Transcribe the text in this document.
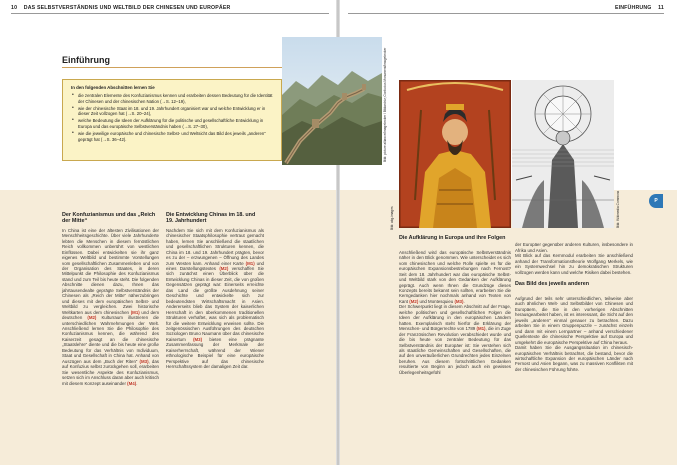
10 DAS SELBSTVERSTÄNDNIS UND WELTBILD DER CHINESEN UND EUROPÄER	EINFÜHRUNG 11
Einführung
In den folgenden Abschnitten lernen Sie
• die zentralen Elemente des Konfuzianismus kennen und erarbeiten dessen Bedeutung für die Identität der Chinesen und der chinesischen Nation (→S. 12–19),
• wie der chinesische Staat im 18. und 19. Jahrhundert organisiert war und welche Entwicklung er in dieser Zeit vollzogen hat (→S. 20–24),
• welche Bedeutung die Ideen der Aufklärung für die politische und gesellschaftliche Entwicklung in Europa und das europäische Selbstverständnis haben (→S. 27–30),
• wie die jeweilige europäische und chinesische Selbst- und Weltsicht das Bild des jeweils „anderen“ geprägt hat (→S. 36–42).	Bild: picture alliance/Imagebroker / Bildarchiv; Confucius Monument/Imagebroker
Bild: akg-images	Bild: Wikimedia Commons	P
Der Konfuzianismus und das „Reich der Mitte“
In China ist eine der ältesten Zivilisationen der Menschheitsgeschichte. Über viele Jahrhunderte lebten die Menschen in diesem fernöstlichen Reich vollkommen unberührt von westlichen Einflüssen. Dabei entwickelten sie ihr ganz eigenes Weltbild und bestimmte Vorstellungen vom gesellschaftlichen Zusammenleben und von der Organisation des Staates, in deren Mittelpunkt die Philosophie des Konfuzianismus stand und zum Teil bis heute steht. Die folgenden Abschnitte dienen dazu, Ihnen das jahrtausendealte geprägte Selbstverständnis der Chinesen als „Reich der Mitte“ näherzubringen und dieses mit dem europäischen Selbst- und Weltbild zu vergleichen. Zwei historische Weltkarten aus dem chinesischen (M1) und dem deutschen (M2) Kulturraum illustrieren die unterschiedlichen Wahrnehmungen der Welt. Anschließend lernen Sie die Philosophie des Konfuzianismus kennen, die während des Kaiserzeit gesagt an die chinesische „Staatslehre“ diente und die bis heute eine große Bedeutung für das Verhältnis von Individuum, Staat und Gesellschaft in China hat. Anhand von Auszügen aus dem „Buch der Riten“ (M3), das auf Konfuzius selbst zurückgehen soll, erarbeiten Sie wesentliche Aspekte des Konfuzianismus, setzen sich im Anschluss daran aber auch kritisch mit diesem Konzept auseinander (M4).
Die Entwicklung Chinas im 18. und 19. Jahrhundert
Nachdem Sie sich mit dem Konfuzianismus als chinesischer Staatsphilosophie vertraut gemacht haben, lernen Sie anschließend die staatlichen und gesellschaftlichen Strukturen kennen, die China im 18. und 19. Jahrhundert prägten, bevor es zu der – erzwungenen – Öffnung des Landes zum Westen kam. Anhand einer Karte (M1) und eines Darstellungstextes (M2) verschaffen Sie sich zunächst einen Überblick über die Entwicklung Chinas in dieser Zeit, die von großen Gegensätzen geprägt war: Einerseits erreichte das Land die größte Ausdehnung seiner Geschichte und entwickelte sich zur bedeutendsten Wirtschaftsmacht in Asien. Andererseits blieb das System der kaiserlichen Herrschaft in den überkommenen traditionellen Strukturen verhaftet, was sich als problematisch für die weitere Entwicklung erweisen sollte. Die zeitgenössischen Ausführungen des deutschen Soziologen Bruno Naumann über das chinesische Kaisertum (M3) bieten eine prägnante Zusammenfassung der Merkmale der Kaiserherrschaft, während der Wiener ethnologische Beispiel für eine europäische Perspektive auf das chinesische Herrschaftssystem der damaligen Zeit dar.
Die Aufklärung in Europa und ihre Folgen

Anschließend wird das europäische Selbstverständnis näher in den Blick genommen. Wie unterscheidet es sich vom chinesischen und welche Rolle spielte es für die europäischen Expansionsbestrebungen nach Fernost? Seit dem 18. Jahrhundert war das europäische Selbst- und Weltbild stark von den Gedanken der Aufklärung geprägt. Auch wenn Ihnen die Grundzüge dieses Konzepts bereits bekannt sein sollten, erarbeiten Sie die Kerngedanken hier nochmals anhand von Texten von Kant (M2) und Montesquieu (M3).
Der Schwerpunkt liegt in diesem Abschnitt auf der Frage, welche politischen und gesellschaftlichen Folgen die Ideen der Aufklärung in den europäischen Ländern hatten. Exemplarisch steht hierfür die Erklärung der Menschen- und Bürgerrechte von 1789 (M1), die im Zuge der Französischen Revolution verabschiedet wurde und die bis heute von zentraler Bedeutung für das Selbstverständnis der Europäer ist: Sie verstehen sich als staatliche Gemeinschaften und Gesellschaften, die auf den unveräußerlichen Grundrechten jedes Einzelnen beruhen. Aus diesem fortschrittlichen Gedanken resultierte von Beginn an jedoch auch ein gewisses Überlegenheitsgefühl

der Europäer gegenüber anderen Kulturen, insbesondere in Afrika und Asien.
Mit Blick auf das Kernmodul erarbeiten Sie anschließend anhand der Transformationstheorie Wolfgang Merkels, wie ein Systemwechsel hin zu demokratischen Strukturen vollzogen werden kann und welche Risiken dabei bestehen.

Das Bild des jeweils anderen

Aufgrund der teils sehr unterschiedlichen, teilweise aber auch ähnlichen Welt- und Selbstbilder von Chinesen und Europäern, die Sie in den vorherigen Abschnitten herausgearbeitet haben, ist es interessant, die Sicht auf den jeweils „anderen“ einmal genauer zu betrachten. Dazu arbeiten Sie in einem Gruppenpuzzle – zunächst einzeln und dann mit einem Lernpartner – anhand verschiedener Quellentexte die chinesische Perspektive auf Europa und umgekehrt die europäische Perspektive auf China heraus.
Damit haben Sie die Ausgangssituation im chinesisch-europäischen Verhältnis betrachtet, die bestand, bevor die wirtschaftliche Expansion der europäischen Länder nach Fernost und Asien begann, was zu massiven Konflikten mit der chinesischen Führung führte.
